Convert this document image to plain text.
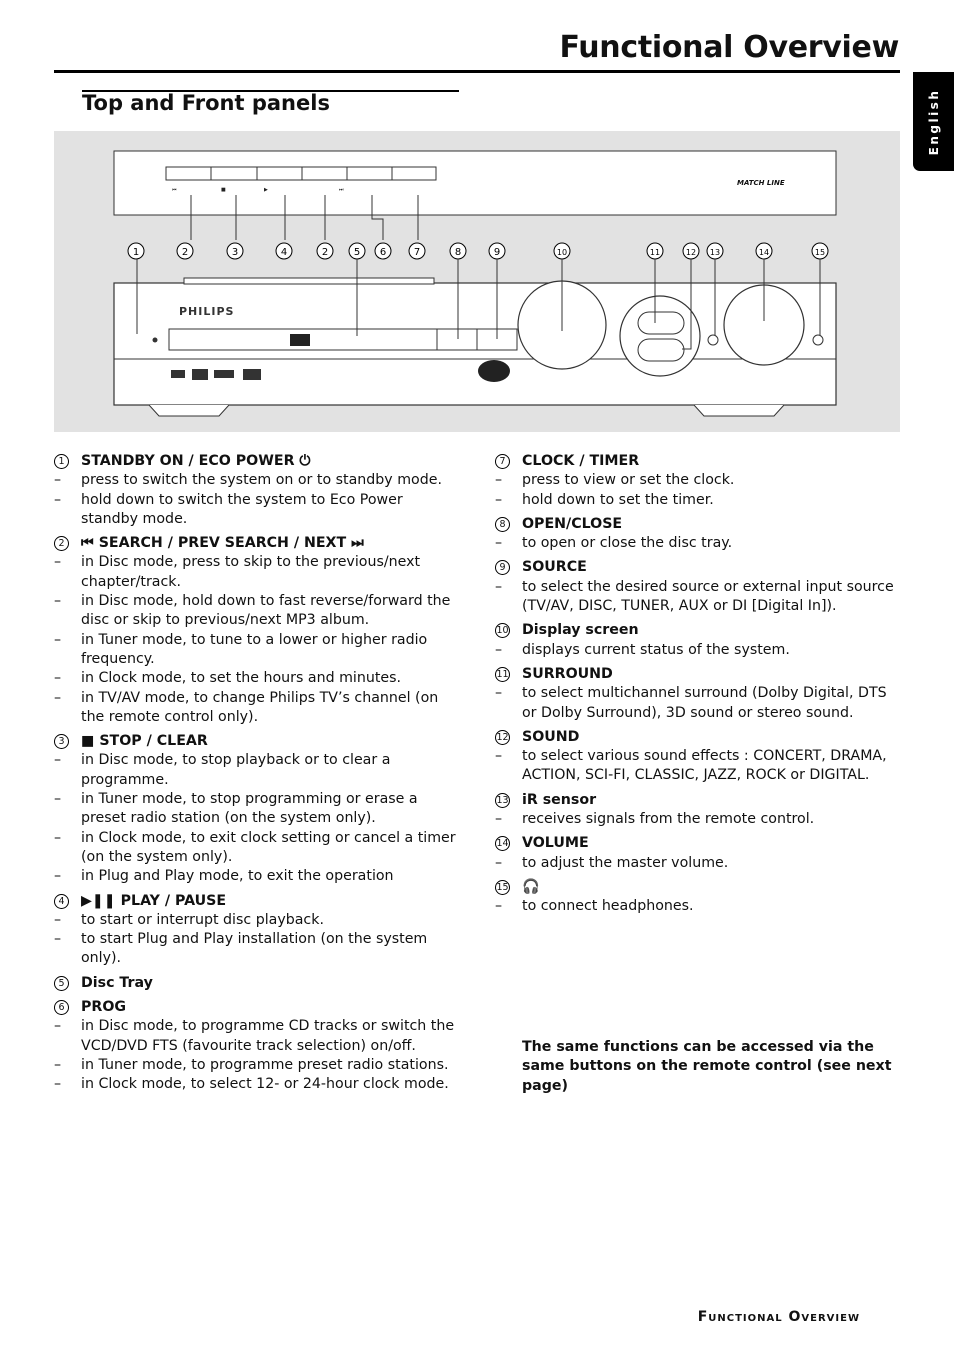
Functional Overview
English
Top and Front panels
⏮	■	▶	⏭
MATCH LINE
1	2	3	4	2	5 6	7	8	9	10	11	12 13	14	15
PHILIPS
1	STANDBY ON / ECO POWER ⏻
–	press to switch the system on or to standby mode.
–	hold down to switch the system to Eco Power standby mode.
2	⏮ SEARCH / PREV SEARCH / NEXT ⏭
–	in Disc mode, press to skip to the previous/next chapter/track.
–	in Disc mode, hold down to fast reverse/forward the disc or skip to previous/next MP3 album.
–	in Tuner mode, to tune to a lower or higher radio frequency.
–	in Clock mode, to set the hours and minutes.
–	in TV/AV mode, to change Philips TV’s channel (on the remote control only).
3	■ STOP / CLEAR
–	in Disc mode, to stop playback or to clear a programme.
–	in Tuner mode, to stop programming or erase a preset radio station (on the system only).
–	in Clock mode, to exit clock setting or cancel a timer (on the system only).
–	in Plug and Play mode, to exit the operation
4	▶❚❚ PLAY / PAUSE
–	to start or interrupt disc playback.
–	to start Plug and Play installation (on the system only).
5	Disc Tray
6	PROG
–	in Disc mode, to programme CD tracks or switch the VCD/DVD FTS (favourite track selection) on/off.
–	in Tuner mode, to programme preset radio stations.
–	in Clock mode, to select 12- or 24-hour clock mode.
7	CLOCK / TIMER
–	press to view or set the clock.
–	hold down to set the timer.
8	OPEN/CLOSE
–	to open or close the disc tray.
9	SOURCE
–	to select the desired source or external input source (TV/AV, DISC, TUNER, AUX or DI [Digital In]).
10 Display screen
–	displays current status of the system.
11 SURROUND
–	to select multichannel surround (Dolby Digital, DTS or Dolby Surround), 3D sound or stereo sound.
12 SOUND
–	to select various sound effects : CONCERT, DRAMA, ACTION, SCI-FI, CLASSIC, JAZZ, ROCK or DIGITAL.
13 iR sensor
–	receives signals from the remote control.
14 VOLUME
–	to adjust the master volume.
15 🎧
–	to connect headphones.
The same functions can be accessed via the same buttons on the remote control (see next page)
Functional Overview
